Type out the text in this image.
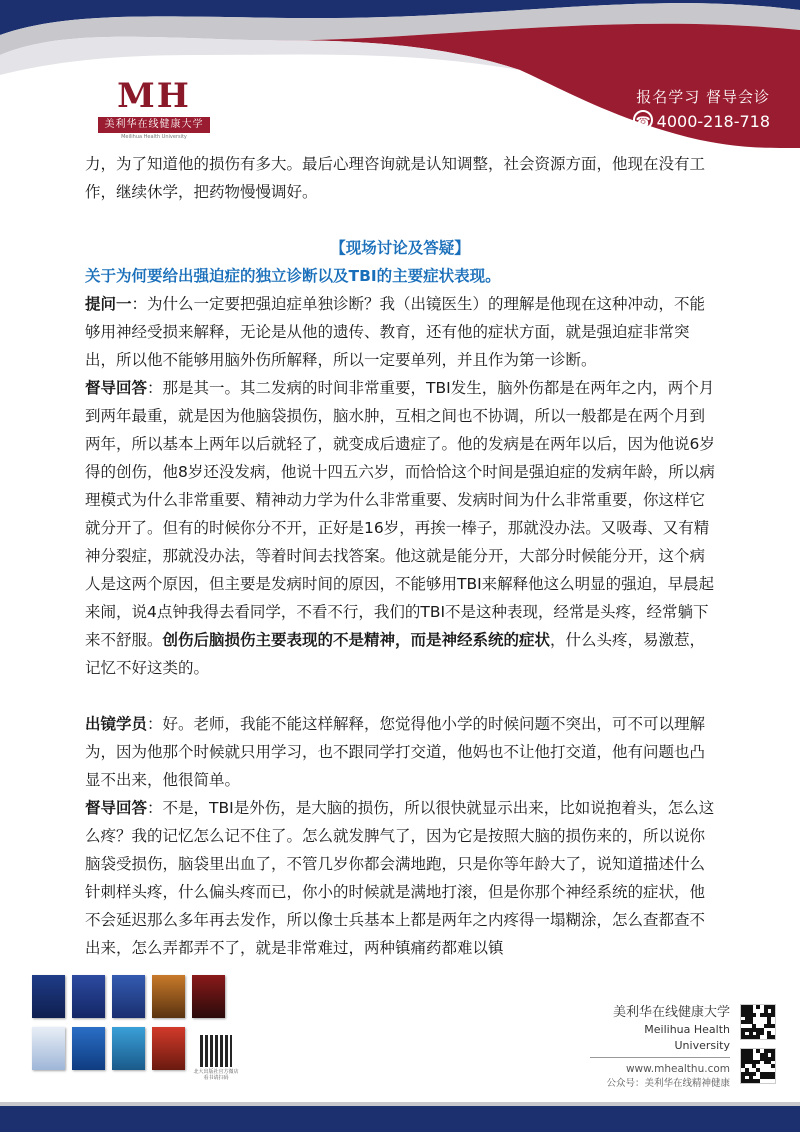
MH
美利华在线健康大学
Meilihua Health University
报名学习 督导会诊
☎4000-218-718

力，为了知道他的损伤有多大。最后心理咨询就是认知调整，社会资源方面，他现在没有工作，继续休学，把药物慢慢调好。

【现场讨论及答疑】

关于为何要给出强迫症的独立诊断以及TBI的主要症状表现。

提问一：为什么一定要把强迫症单独诊断？我（出镜医生）的理解是他现在这种冲动，不能够用神经受损来解释，无论是从他的遗传、教育，还有他的症状方面，就是强迫症非常突出，所以他不能够用脑外伤所解释，所以一定要单列，并且作为第一诊断。

督导回答：那是其一。其二发病的时间非常重要，TBI发生，脑外伤都是在两年之内，两个月到两年最重，就是因为他脑袋损伤，脑水肿，互相之间也不协调，所以一般都是在两个月到两年，所以基本上两年以后就轻了，就变成后遗症了。他的发病是在两年以后，因为他说6岁得的创伤，他8岁还没发病，他说十四五六岁，而恰恰这个时间是强迫症的发病年龄，所以病理模式为什么非常重要、精神动力学为什么非常重要、发病时间为什么非常重要，你这样它就分开了。但有的时候你分不开，正好是16岁，再挨一棒子，那就没办法。又吸毒、又有精神分裂症，那就没办法，等着时间去找答案。他这就是能分开，大部分时候能分开，这个病人是这两个原因，但主要是发病时间的原因，不能够用TBI来解释他这么明显的强迫，早晨起来闹，说4点钟我得去看同学，不看不行，我们的TBI不是这种表现，经常是头疼，经常躺下来不舒服。创伤后脑损伤主要表现的不是精神，而是神经系统的症状，什么头疼，易激惹，记忆不好这类的。

出镜学员：好。老师，我能不能这样解释，您觉得他小学的时候问题不突出，可不可以理解为，因为他那个时候就只用学习，也不跟同学打交道，他妈也不让他打交道，他有问题也凸显不出来，他很简单。

督导回答：不是，TBI是外伤，是大脑的损伤，所以很快就显示出来，比如说抱着头，怎么这么疼？我的记忆怎么记不住了。怎么就发脾气了，因为它是按照大脑的损伤来的，所以说你脑袋受损伤，脑袋里出血了，不管几岁你都会满地跑，只是你等年龄大了，说知道描述什么针刺样头疼，什么偏头疼而已，你小的时候就是满地打滚，但是你那个神经系统的症状，他不会延迟那么多年再去发作，所以像士兵基本上都是两年之内疼得一塌糊涂，怎么查都查不出来，怎么弄都弄不了，就是非常难过，两种镇痛药都难以镇

北大出版社官方微店 看书请扫码
美利华在线健康大学
Meilihua Health University
www.mhealthu.com
公众号：美利华在线精神健康
